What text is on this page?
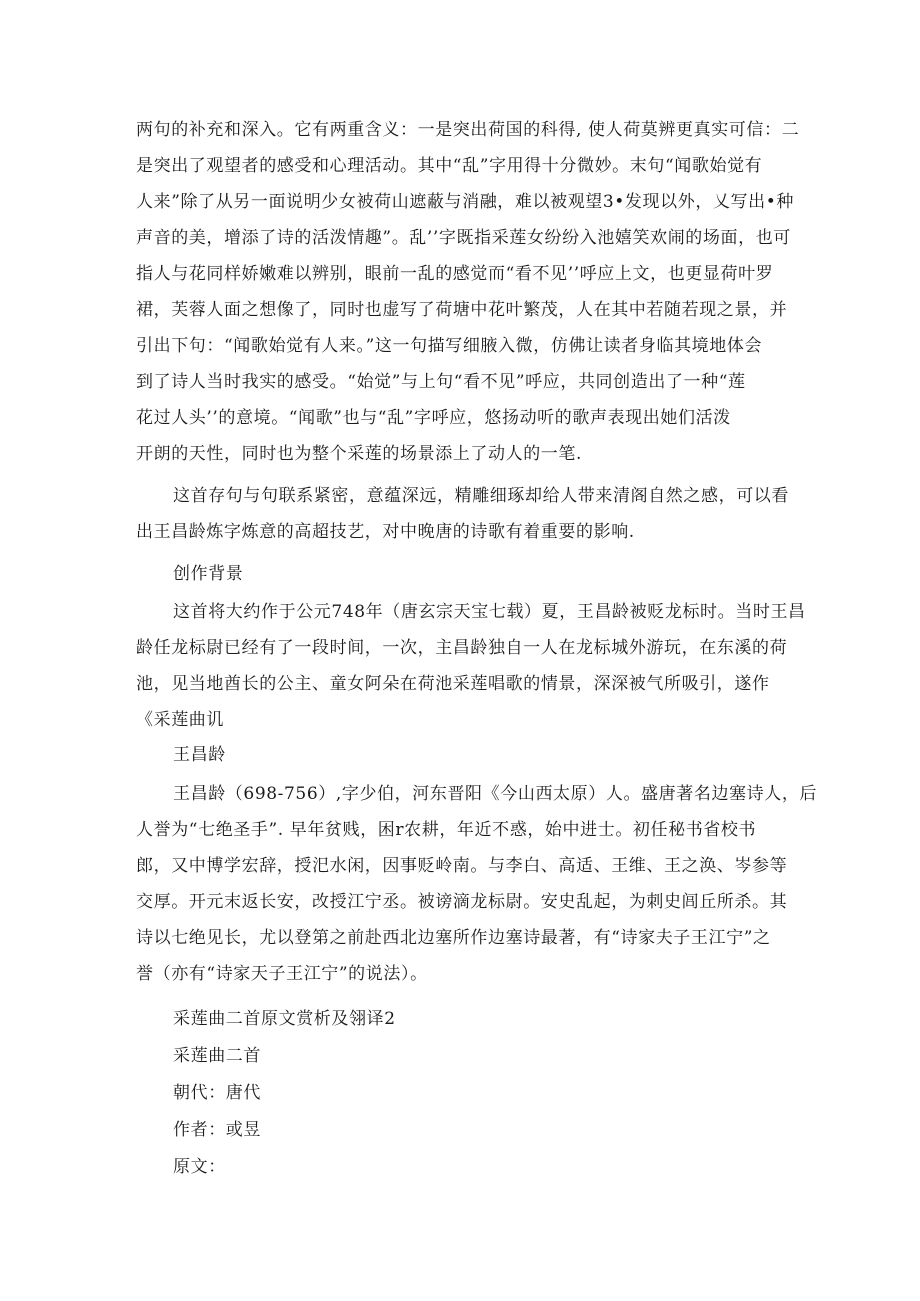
两句的补充和深入。它有两重含义：一是突出荷国的科得, 使人荷莫辨更真实可信：二
是突出了观望者的感受和心理活动。其中“乱”字用得十分微妙。末句“闻歌始觉有
人来”除了从另一面说明少女被荷山遮蔽与消融，难以被观望3•发现以外，乂写出•种
声音的美，增添了诗的活泼情趣”。乱’’字既指采莲女纷纷入池嬉笑欢闹的场面，也可
指人与花同样娇嫩难以辨别，眼前一乱的感觉而“看不见’’呼应上文，也更显荷叶罗
裙，芙蓉人面之想像了，同时也虚写了荷塘中花叶繁茂，人在其中若随若现之景，并
引出下句：“闻歌始觉有人来。”这一句描写细腋入微，仿佛让读者身临其境地体会
到了诗人当时我实的感受。“始觉”与上句“看不见”呼应，共同创造出了一种“莲
花过人头’’的意境。“闻歌”也与“乱”字呼应，悠扬动听的歌声表现出她们活泼
开朗的天性，同时也为整个采莲的场景添上了动人的一笔.
这首存句与句联系紧密，意蕴深远，精雕细琢却给人带来清阁自然之感，可以看
出王昌龄炼字炼意的高超技艺，对中晚唐的诗歌有着重要的影响.
创作背景
这首将大约作于公元748年（唐玄宗天宝七载）夏，王昌龄被贬龙标时。当时王昌
龄任龙标尉已经有了一段时间，一次，主昌龄独自一人在龙标城外游玩，在东溪的荷
池，见当地酋长的公主、童女阿朵在荷池采莲唱歌的情景，深深被气所吸引，遂作
《采莲曲讥
王昌龄
王昌龄（698-756）,字少伯，河东晋阳《今山西太原）人。盛唐著名边塞诗人，后
人誉为“七绝圣手”. 早年贫贱，困r农耕，年近不惑，始中进士。初任秘书省校书
郎，又中博学宏辞，授汜水闲，因事贬岭南。与李白、高适、王维、王之涣、岑参等
交厚。开元末返长安，改授江宁丞。被谤滴龙标尉。安史乱起，为刺史闾丘所杀。其
诗以七绝见长，尤以登第之前赴西北边塞所作边塞诗最著，有“诗家夫子王江宁”之
誉（亦有“诗家天子王江宁”的说法）。
采莲曲二首原文赏析及翎译2
采莲曲二首
朝代：唐代
作者：或昱
原文：
